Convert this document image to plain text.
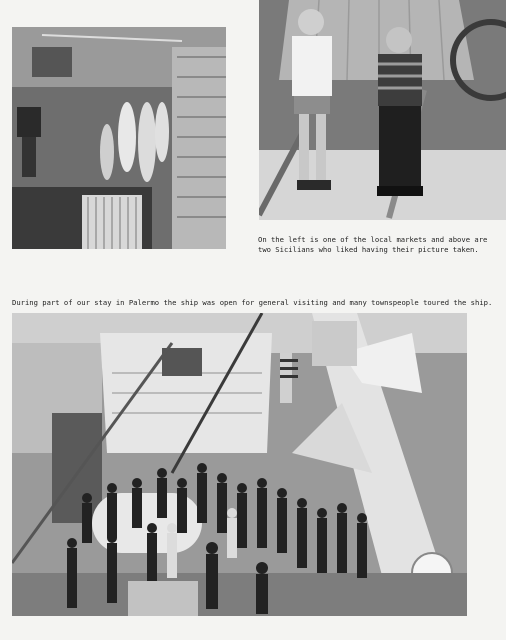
On the left is one of the local markets and above are
two Sicilians who liked having their picture taken.
During part of our stay in Palermo the ship was open for general visiting and many townspeople toured the ship.
